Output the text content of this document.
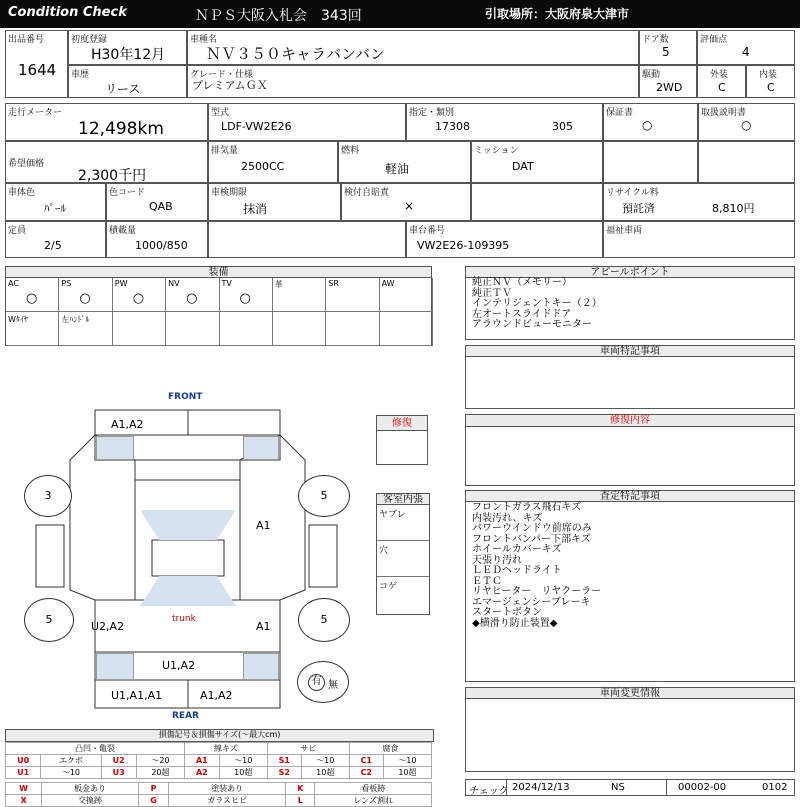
Condition Check	ＮＰＳ大阪入札会　343回	引取場所：大阪府泉大津市
出品番号
1644
初度登録
H30年12月
車種名
ＮＶ３５０キャラバンバン
ドア数
5
評価点
4
車歴
リース
グレード・仕様
プレミアムＧＸ
駆動
2WD
外装
C
内装
C
走行メーター
12,498km
型式
LDF-VW2E26
指定・類別
17308	305
保証書
○
取扱説明書
○
希望価格
2,300千円
排気量
2500CC
燃料
軽油
ミッション
DAT
車体色
ﾊﾟｰﾙ
色コード
QAB
車検期限
抹消
検付自賠責
×
リサイクル料
預託済	8,810円
定員
2/5
積載量
1000/850
車台番号
VW2E26-109395
福祉車両
装備
AC
○
PS
○
PW
○
NV
○
TV
○
革	SR	AW
Wﾀｲﾔ	左ﾊﾝﾄﾞﾙ
アピールポイント
純正ＮＶ（メモリー）
純正ＴＶ
インテリジェントキー（２）
左オートスライドドア
アラウンドビューモニター
車両特記事項
修復内容
査定特記事項
フロントガラス飛石キズ
内装汚れ、キズ
パワーウインドウ前席のみ
フロントバンパー下部キズ
ホイールカバーキズ
天張り汚れ
ＬＥＤヘッドライト
ＥＴＣ
リヤヒーター　リヤクーラー
エマージェンシーブレーキ
スタートボタン
◆横滑り防止装置◆
車両変更情報
修復
客室内張
ヤブレ
穴
コゲ
FRONT
REAR
3	5
5	5
A1,A2
A1
U2,A2	A1
trunk
U1,A2
U1,A1,A1	A1,A2
有 無
損傷記号＆損傷サイズ(～最大cm)
凸凹・亀裂				線キズ		サビ		腐食	
U0	エクボ	U2	～20	A1	～10	S1	～10	C1	～10
U1	～10	U3	20超	A2	10超	S2	10超	C2	10超
W	板金あり	P	塗装あり	K	看板跡
X	交換跡	G	ガラスヒビ	L	レンズ割れ
チェック 2024/12/13	NS	00002-00	0102
